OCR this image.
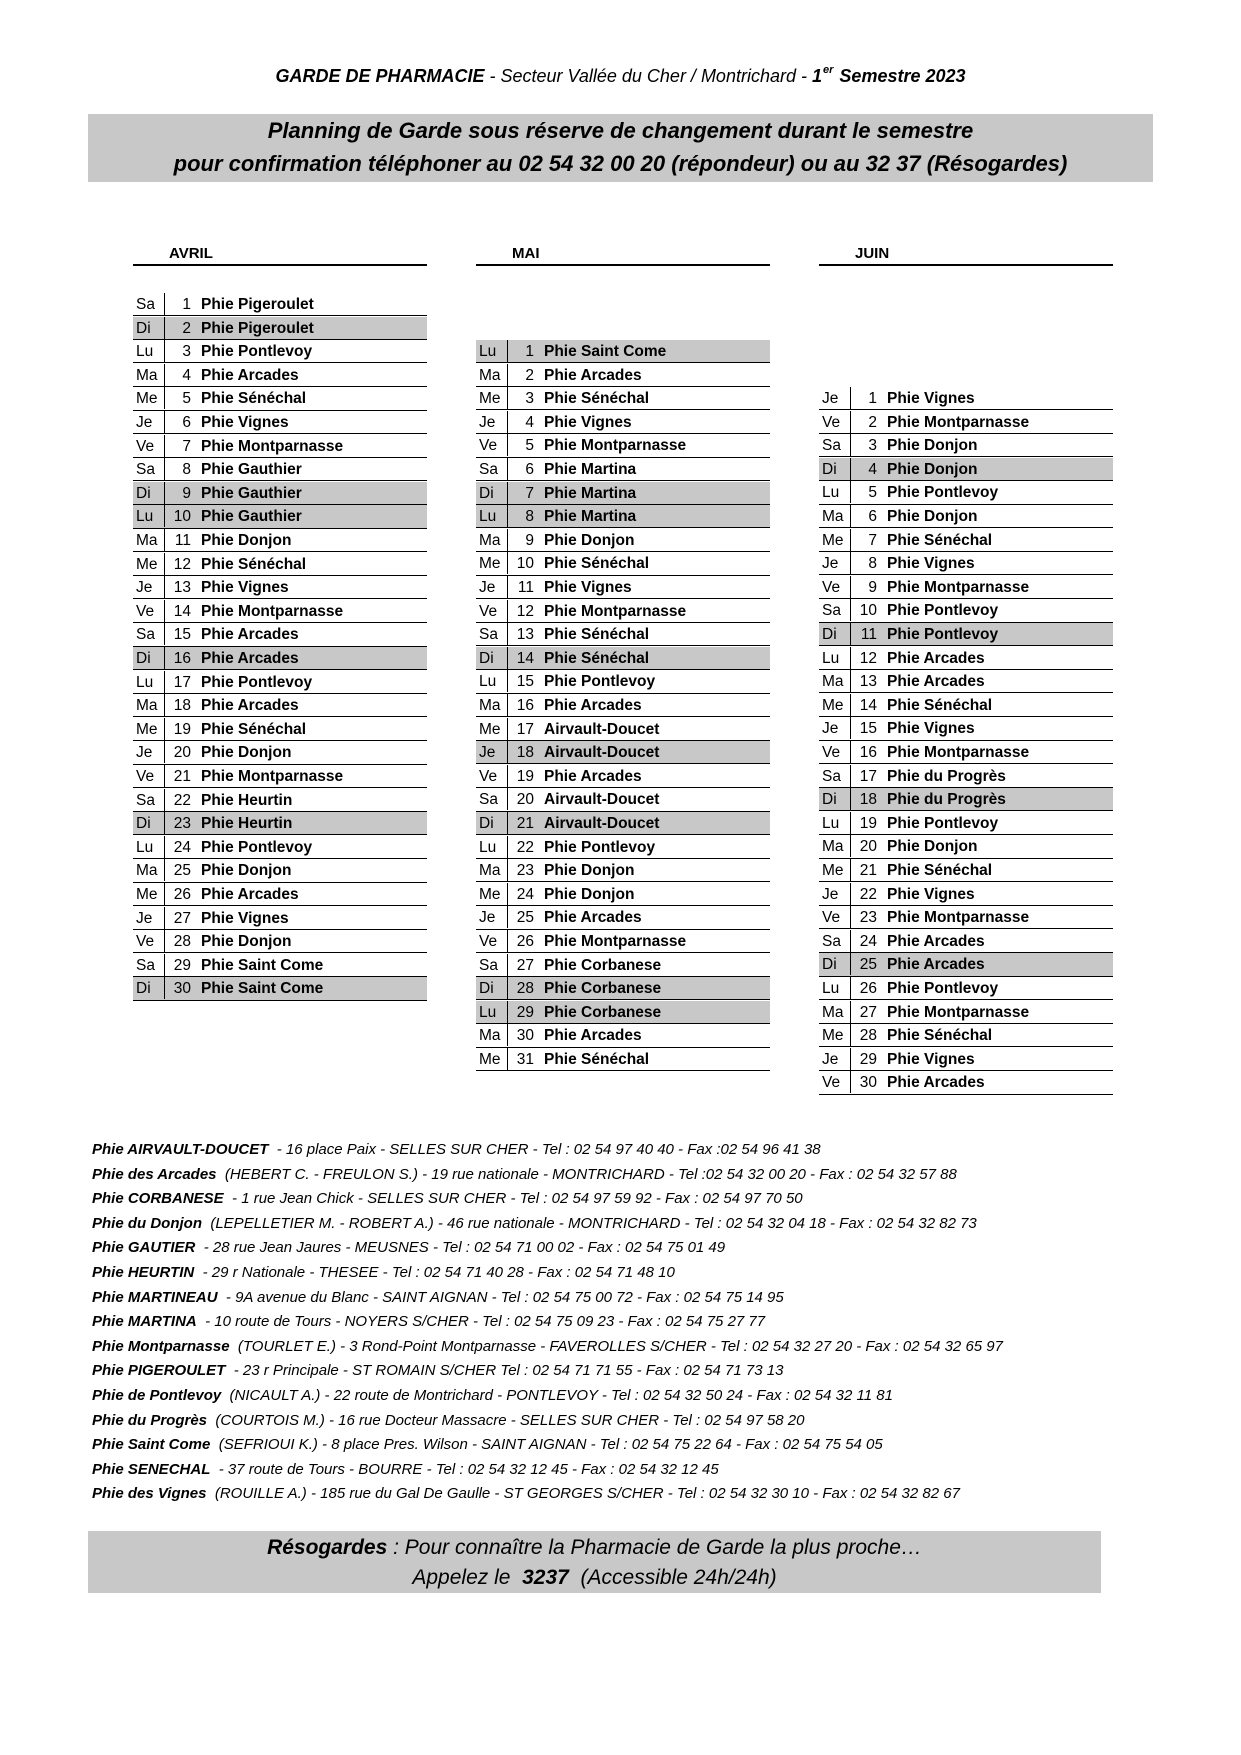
GARDE DE PHARMACIE - Secteur Vallée du Cher / Montrichard - 1er Semestre 2023
Planning de Garde sous réserve de changement durant le semestre
pour confirmation téléphoner au 02 54 32 00 20 (répondeur) ou au 32 37 (Résogardes)
AVRIL
Sa	1 Phie Pigeroulet
Di	2 Phie Pigeroulet
Lu	3 Phie Pontlevoy
Ma	4 Phie Arcades
Me	5 Phie Sénéchal
Je	6 Phie Vignes
Ve	7 Phie Montparnasse
Sa	8 Phie Gauthier
Di	9 Phie Gauthier
Lu	10 Phie Gauthier
Ma	11 Phie Donjon
Me	12 Phie Sénéchal
Je	13 Phie Vignes
Ve	14 Phie Montparnasse
Sa	15 Phie Arcades
Di	16 Phie Arcades
Lu	17 Phie Pontlevoy
Ma	18 Phie Arcades
Me	19 Phie Sénéchal
Je	20 Phie Donjon
Ve	21 Phie Montparnasse
Sa	22 Phie Heurtin
Di	23 Phie Heurtin
Lu	24 Phie Pontlevoy
Ma	25 Phie Donjon
Me	26 Phie Arcades
Je	27 Phie Vignes
Ve	28 Phie Donjon
Sa	29 Phie Saint Come
Di	30 Phie Saint Come
MAI
Lu	1 Phie Saint Come
Ma	2 Phie Arcades
Me	3 Phie Sénéchal
Je	4 Phie Vignes
Ve	5 Phie Montparnasse
Sa	6 Phie Martina
Di	7 Phie Martina
Lu	8 Phie Martina
Ma	9 Phie Donjon
Me	10 Phie Sénéchal
Je	11 Phie Vignes
Ve	12 Phie Montparnasse
Sa	13 Phie Sénéchal
Di	14 Phie Sénéchal
Lu	15 Phie Pontlevoy
Ma	16 Phie Arcades
Me	17 Airvault-Doucet
Je	18 Airvault-Doucet
Ve	19 Phie Arcades
Sa	20 Airvault-Doucet
Di	21 Airvault-Doucet
Lu	22 Phie Pontlevoy
Ma	23 Phie Donjon
Me	24 Phie Donjon
Je	25 Phie Arcades
Ve	26 Phie Montparnasse
Sa	27 Phie Corbanese
Di	28 Phie Corbanese
Lu	29 Phie Corbanese
Ma	30 Phie Arcades
Me	31 Phie Sénéchal
JUIN
Je	1 Phie Vignes
Ve	2 Phie Montparnasse
Sa	3 Phie Donjon
Di	4 Phie Donjon
Lu	5 Phie Pontlevoy
Ma	6 Phie Donjon
Me	7 Phie Sénéchal
Je	8 Phie Vignes
Ve	9 Phie Montparnasse
Sa	10 Phie Pontlevoy
Di	11 Phie Pontlevoy
Lu	12 Phie Arcades
Ma	13 Phie Arcades
Me	14 Phie Sénéchal
Je	15 Phie Vignes
Ve	16 Phie Montparnasse
Sa	17 Phie du Progrès
Di	18 Phie du Progrès
Lu	19 Phie Pontlevoy
Ma	20 Phie Donjon
Me	21 Phie Sénéchal
Je	22 Phie Vignes
Ve	23 Phie Montparnasse
Sa	24 Phie Arcades
Di	25 Phie Arcades
Lu	26 Phie Pontlevoy
Ma	27 Phie Montparnasse
Me	28 Phie Sénéchal
Je	29 Phie Vignes
Ve	30 Phie Arcades
Phie AIRVAULT-DOUCET - 16 place Paix - SELLES SUR CHER - Tel : 02 54 97 40 40 - Fax :02 54 96 41 38
Phie des Arcades (HEBERT C. - FREULON S.) - 19 rue nationale - MONTRICHARD - Tel :02 54 32 00 20 - Fax : 02 54 32 57 88
Phie CORBANESE - 1 rue Jean Chick - SELLES SUR CHER - Tel : 02 54 97 59 92 - Fax : 02 54 97 70 50
Phie du Donjon (LEPELLETIER M. - ROBERT A.) - 46 rue nationale - MONTRICHARD - Tel : 02 54 32 04 18 - Fax : 02 54 32 82 73
Phie GAUTIER - 28 rue Jean Jaures - MEUSNES - Tel : 02 54 71 00 02 - Fax : 02 54 75 01 49
Phie HEURTIN - 29 r Nationale - THESEE - Tel : 02 54 71 40 28 - Fax : 02 54 71 48 10
Phie MARTINEAU - 9A avenue du Blanc - SAINT AIGNAN - Tel : 02 54 75 00 72 - Fax : 02 54 75 14 95
Phie MARTINA - 10 route de Tours - NOYERS S/CHER - Tel : 02 54 75 09 23 - Fax : 02 54 75 27 77
Phie Montparnasse (TOURLET E.) - 3 Rond-Point Montparnasse - FAVEROLLES S/CHER - Tel : 02 54 32 27 20 - Fax : 02 54 32 65 97
Phie PIGEROULET - 23 r Principale - ST ROMAIN S/CHER Tel : 02 54 71 71 55 - Fax : 02 54 71 73 13
Phie de Pontlevoy (NICAULT A.) - 22 route de Montrichard - PONTLEVOY - Tel : 02 54 32 50 24 - Fax : 02 54 32 11 81
Phie du Progrès (COURTOIS M.) - 16 rue Docteur Massacre - SELLES SUR CHER - Tel : 02 54 97 58 20
Phie Saint Come (SEFRIOUI K.) - 8 place Pres. Wilson - SAINT AIGNAN - Tel : 02 54 75 22 64 - Fax : 02 54 75 54 05
Phie SENECHAL - 37 route de Tours - BOURRE - Tel : 02 54 32 12 45 - Fax : 02 54 32 12 45
Phie des Vignes (ROUILLE A.) - 185 rue du Gal De Gaulle - ST GEORGES S/CHER - Tel : 02 54 32 30 10 - Fax : 02 54 32 82 67
Résogardes : Pour connaître la Pharmacie de Garde la plus proche…
Appelez le 3237 (Accessible 24h/24h)
